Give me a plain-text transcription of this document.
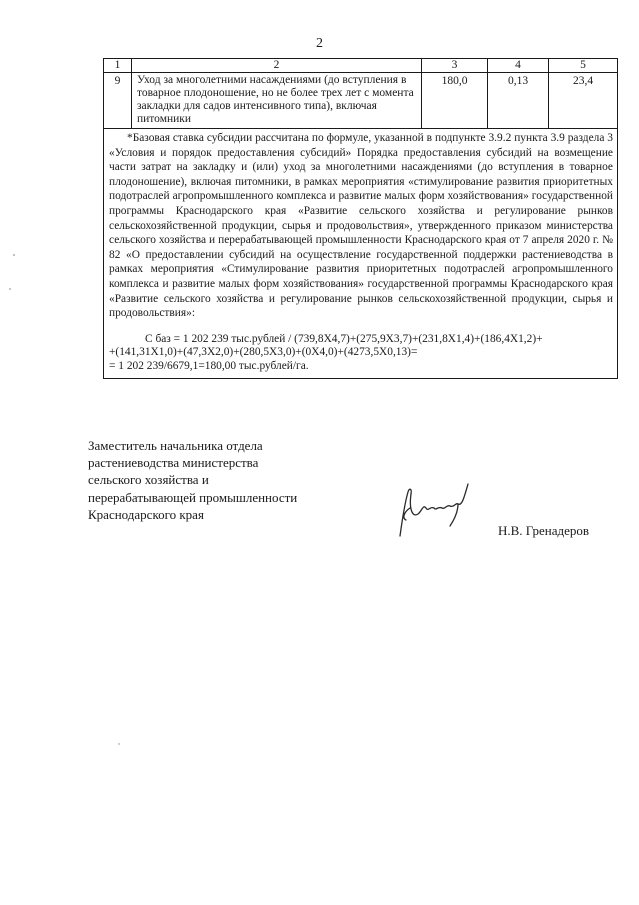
2
1	2	3	4	5
9	Уход за многолетними насаждениями (до вступления в товарное плодоношение, но не более трех лет с момента закладки для садов интенсивного типа), включая питомники	180,0	0,13	23,4

*Базовая ставка субсидии рассчитана по формуле, указанной в подпункте 3.9.2 пункта 3.9 раздела 3 «Условия и порядок предоставления субсидий» Порядка предоставления субсидий на возмещение части затрат на закладку и (или) уход за многолетними насаждениями (до вступления в товарное плодоношение), включая питомники, в рамках мероприятия «стимулирование развития приоритетных подотраслей агропромышленного комплекса и развитие малых форм хозяйствования» государственной программы Краснодарского края «Развитие сельского хозяйства и регулирование рынков сельскохозяйственной продукции, сырья и продовольствия», утвержденного приказом министерства сельского хозяйства и перерабатывающей промышленности Краснодарского края от 7 апреля 2020 г. № 82 «О предоставлении субсидий на осуществление государственной поддержки растениеводства в рамках мероприятия «Стимулирование развития приоритетных подотраслей агропромышленного комплекса и развитие малых форм хозяйствования» государственной программы Краснодарского края «Развитие сельского хозяйства и регулирование рынков сельскохозяйственной продукции, сырья и продовольствия»:
С баз = 1 202 239 тыс.рублей / (739,8Х4,7)+(275,9Х3,7)+(231,8Х1,4)+(186,4Х1,2)+
+(141,31Х1,0)+(47,3Х2,0)+(280,5Х3,0)+(0Х4,0)+(4273,5Х0,13)=
= 1 202 239/6679,1=180,00 тыс.рублей/га.				
Заместитель начальника отдела
растениеводства министерства
сельского хозяйства и
перерабатывающей промышленности
Краснодарского края
Н.В. Гренадеров
